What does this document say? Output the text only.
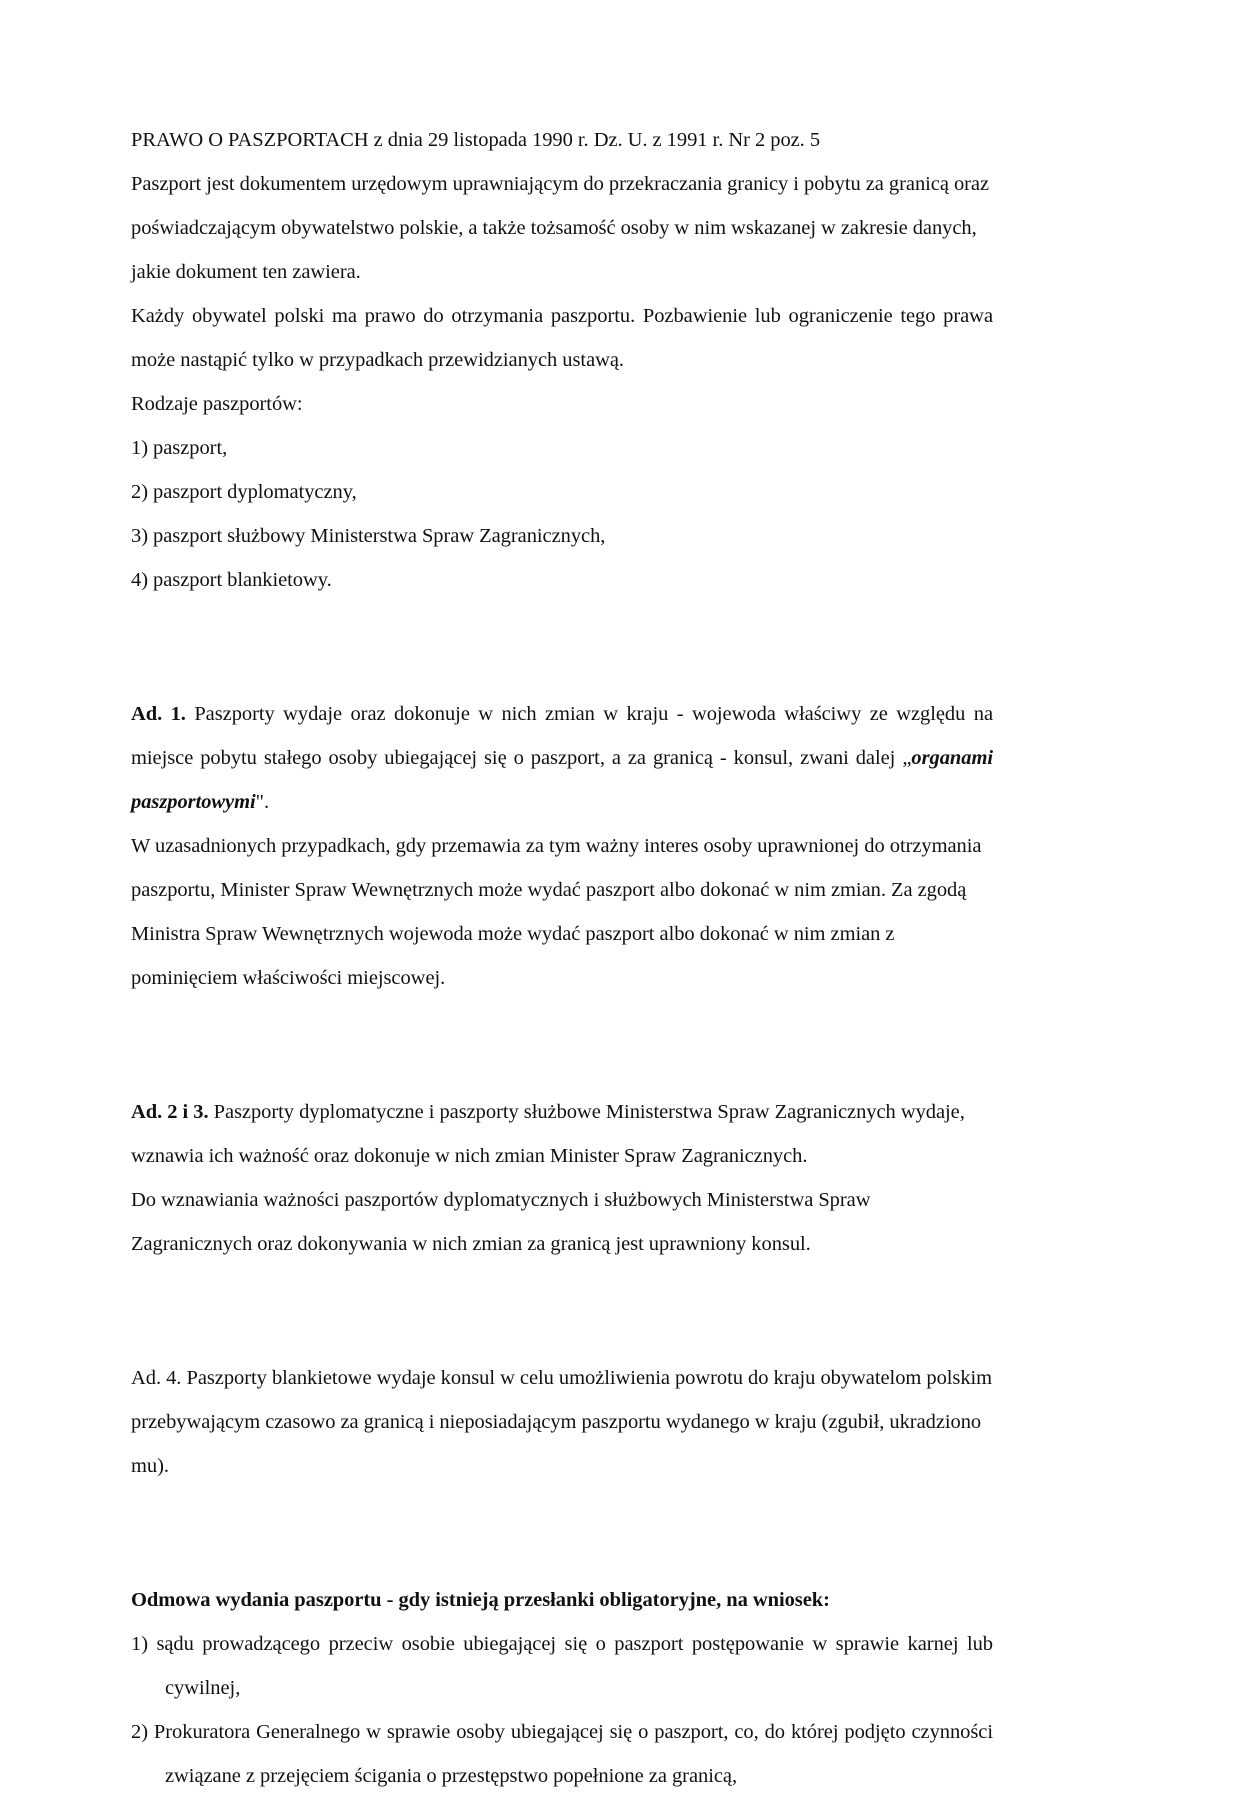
PRAWO O PASZPORTACH z dnia 29 listopada 1990 r. Dz. U. z 1991 r. Nr 2 poz. 5

Paszport jest dokumentem urzędowym uprawniającym do przekraczania granicy i pobytu za granicą oraz poświadczającym obywatelstwo polskie, a także tożsamość osoby w nim wskazanej w zakresie danych, jakie dokument ten zawiera.

Każdy obywatel polski ma prawo do otrzymania paszportu. Pozbawienie lub ograniczenie tego prawa może nastąpić tylko w przypadkach przewidzianych ustawą.

Rodzaje paszportów:

1) paszport,

2) paszport dyplomatyczny,

3) paszport służbowy Ministerstwa Spraw Zagranicznych,

4) paszport blankietowy.

Ad. 1. Paszporty wydaje oraz dokonuje w nich zmian w kraju - wojewoda właściwy ze względu na miejsce pobytu stałego osoby ubiegającej się o paszport, a za granicą - konsul, zwani dalej „organami paszportowymi".

W uzasadnionych przypadkach, gdy przemawia za tym ważny interes osoby uprawnionej do otrzymania paszportu, Minister Spraw Wewnętrznych może wydać paszport albo dokonać w nim zmian. Za zgodą Ministra Spraw Wewnętrznych wojewoda może wydać paszport albo dokonać w nim zmian z pominięciem właściwości miejscowej.

Ad. 2 i 3. Paszporty dyplomatyczne i paszporty służbowe Ministerstwa Spraw Zagranicznych wydaje, wznawia ich ważność oraz dokonuje w nich zmian Minister Spraw Zagranicznych.

Do wznawiania ważności paszportów dyplomatycznych i służbowych Ministerstwa Spraw Zagranicznych oraz dokonywania w nich zmian za granicą jest uprawniony konsul.

Ad. 4. Paszporty blankietowe wydaje konsul w celu umożliwienia powrotu do kraju obywatelom polskim przebywającym czasowo za granicą i nieposiadającym paszportu wydanego w kraju (zgubił, ukradziono mu).

Odmowa wydania paszportu - gdy istnieją przesłanki obligatoryjne, na wniosek:

1) sądu prowadzącego przeciw osobie ubiegającej się o paszport postępowanie w sprawie karnej lub cywilnej,

2) Prokuratora Generalnego w sprawie osoby ubiegającej się o paszport, co, do której podjęto czynności związane z przejęciem ścigania o przestępstwo popełnione za granicą,
